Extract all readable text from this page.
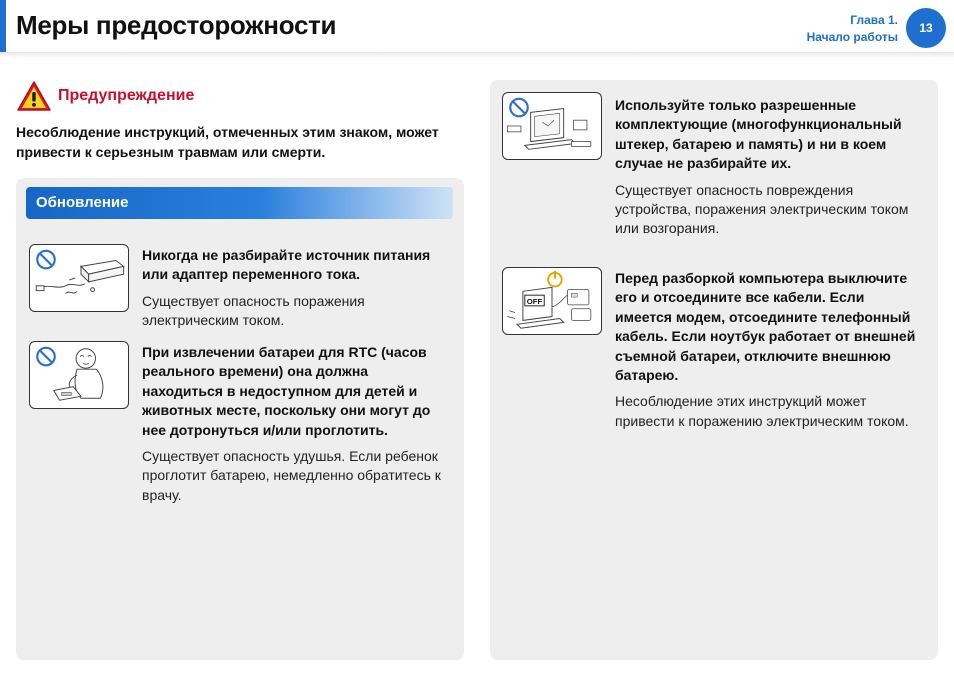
Меры предосторожности	Глава 1.
Начало работы
13
Предупреждение
Несоблюдение инструкций, отмеченных этим знаком, может привести к серьезным травмам или смерти.
Обновление
Никогда не разбирайте источник питания или адаптер переменного тока.
Существует опасность поражения электрическим током.
При извлечении батареи для RTC (часов реального времени) она должна находиться в недоступном для детей и животных месте, поскольку они могут до нее дотронуться и/или проглотить.
Существует опасность удушья. Если ребенок проглотит батарею, немедленно обратитесь к врачу.
Используйте только разрешенные комплектующие (многофункциональный штекер, батарею и память) и ни в коем случае не разбирайте их.
Существует опасность повреждения устройства, поражения электрическим током или возгорания.
OFF
Перед разборкой компьютера выключите его и отсоедините все кабели. Если имеется модем, отсоедините телефонный кабель. Если ноутбук работает от внешней съемной батареи, отключите внешнюю батарею.
Несоблюдение этих инструкций может привести к поражению электрическим током.
